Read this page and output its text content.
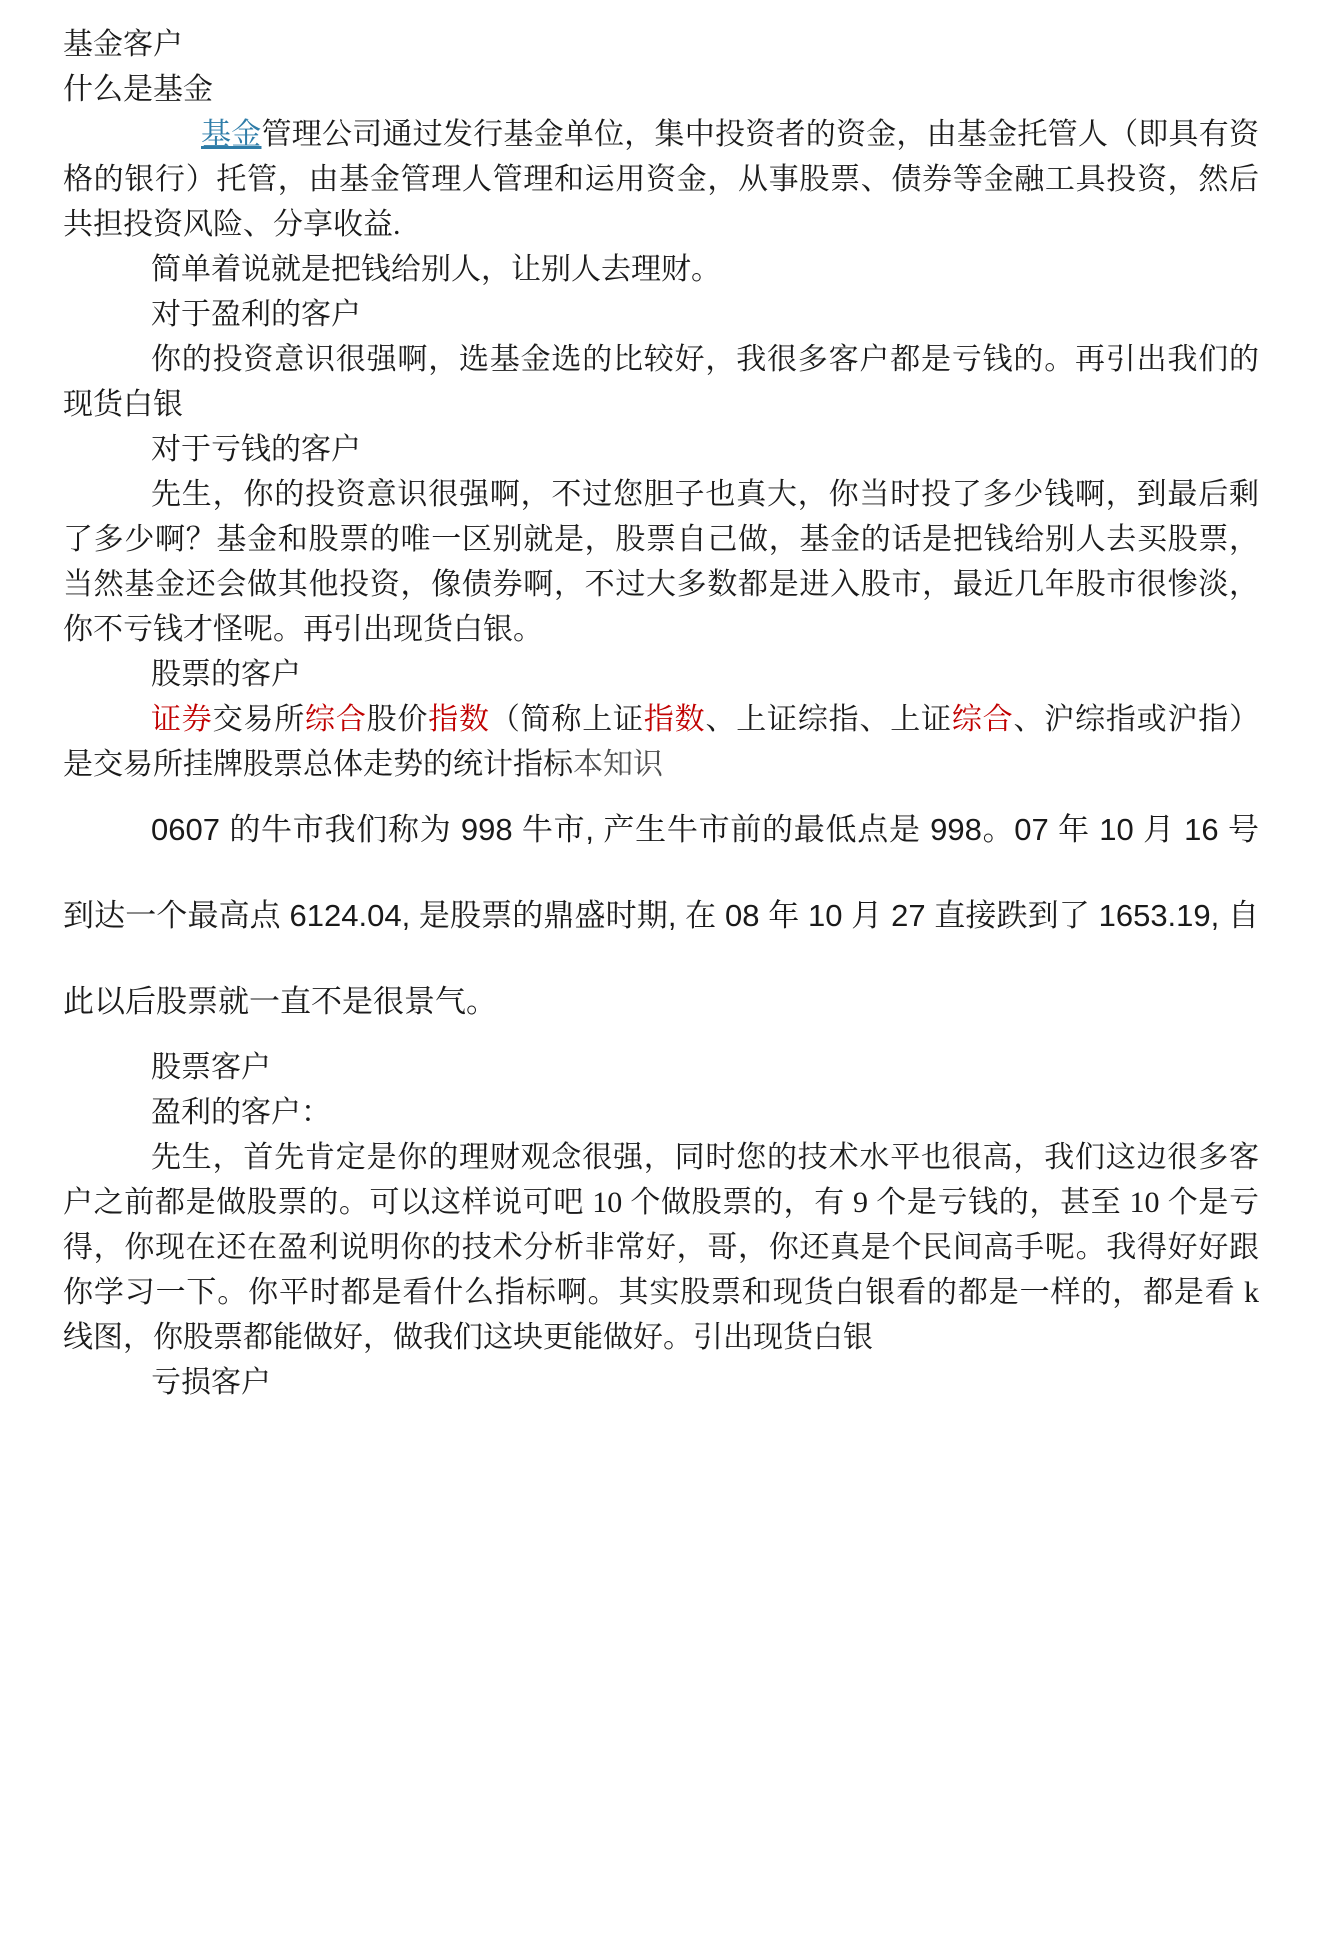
基金客户

什么是基金

基金管理公司通过发行基金单位，集中投资者的资金，由基金托管人（即具有资格的银行）托管，由基金管理人管理和运用资金，从事股票、债券等金融工具投资，然后共担投资风险、分享收益.

简单着说就是把钱给别人，让别人去理财。

对于盈利的客户

你的投资意识很强啊，选基金选的比较好，我很多客户都是亏钱的。再引出我们的现货白银

对于亏钱的客户

先生，你的投资意识很强啊，不过您胆子也真大，你当时投了多少钱啊，到最后剩了多少啊？基金和股票的唯一区别就是，股票自己做，基金的话是把钱给别人去买股票，当然基金还会做其他投资，像债券啊，不过大多数都是进入股市，最近几年股市很惨淡，你不亏钱才怪呢。再引出现货白银。

股票的客户

证券交易所综合股价指数（简称上证指数、上证综指、上证综合、沪综指或沪指）是交易所挂牌股票总体走势的统计指标本知识

0607 的牛市我们称为 998 牛市, 产生牛市前的最低点是 998。07 年 10 月 16 号到达一个最高点 6124.04, 是股票的鼎盛时期, 在 08 年 10 月 27 直接跌到了 1653.19, 自此以后股票就一直不是很景气。

股票客户

盈利的客户：

先生，首先肯定是你的理财观念很强，同时您的技术水平也很高，我们这边很多客户之前都是做股票的。可以这样说可吧 10 个做股票的，有 9 个是亏钱的，甚至 10 个是亏得，你现在还在盈利说明你的技术分析非常好，哥，你还真是个民间高手呢。我得好好跟你学习一下。你平时都是看什么指标啊。其实股票和现货白银看的都是一样的，都是看 k 线图，你股票都能做好，做我们这块更能做好。引出现货白银

亏损客户
